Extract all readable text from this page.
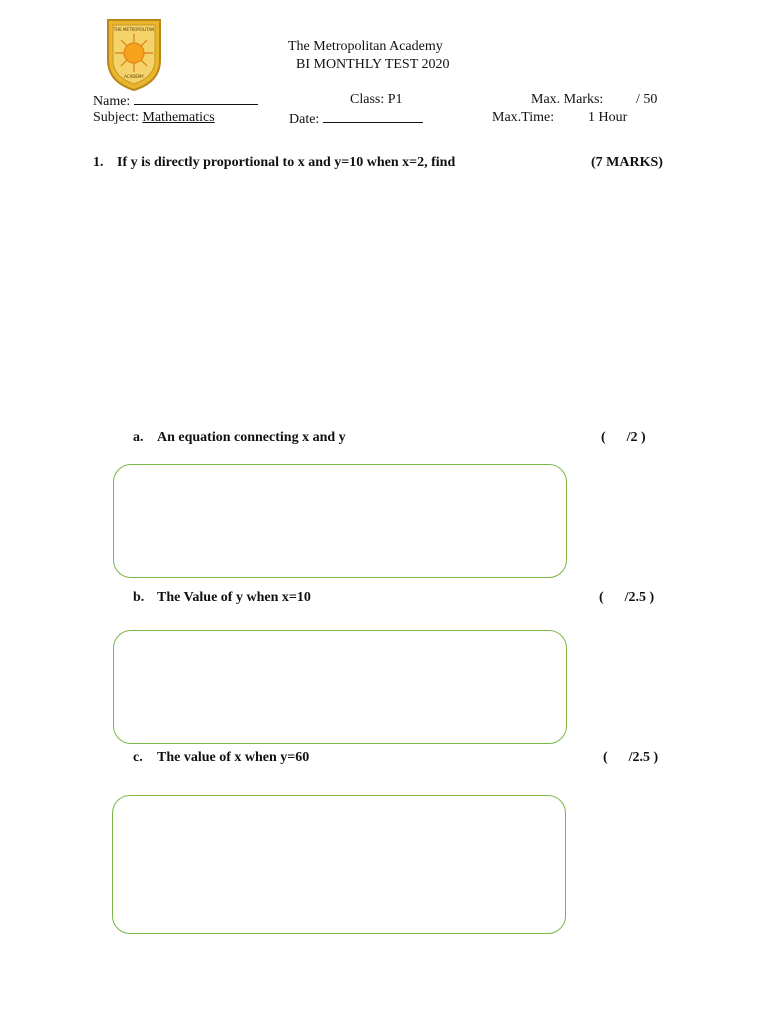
THE METROPOLITAN
ACADEMY
The Metropolitan Academy
BI MONTHLY TEST 2020
Name:	Class: P1	Max. Marks: / 50
Subject: Mathematics	Date:	Max.Time: 1 Hour
1. If y is directly proportional to x and y=10 when x=2, find	(7 MARKS)
a. An equation connecting x and y	(      /2 )
b. The Value of y when x=10	(      /2.5 )
c. The value of x when y=60	(      /2.5 )
